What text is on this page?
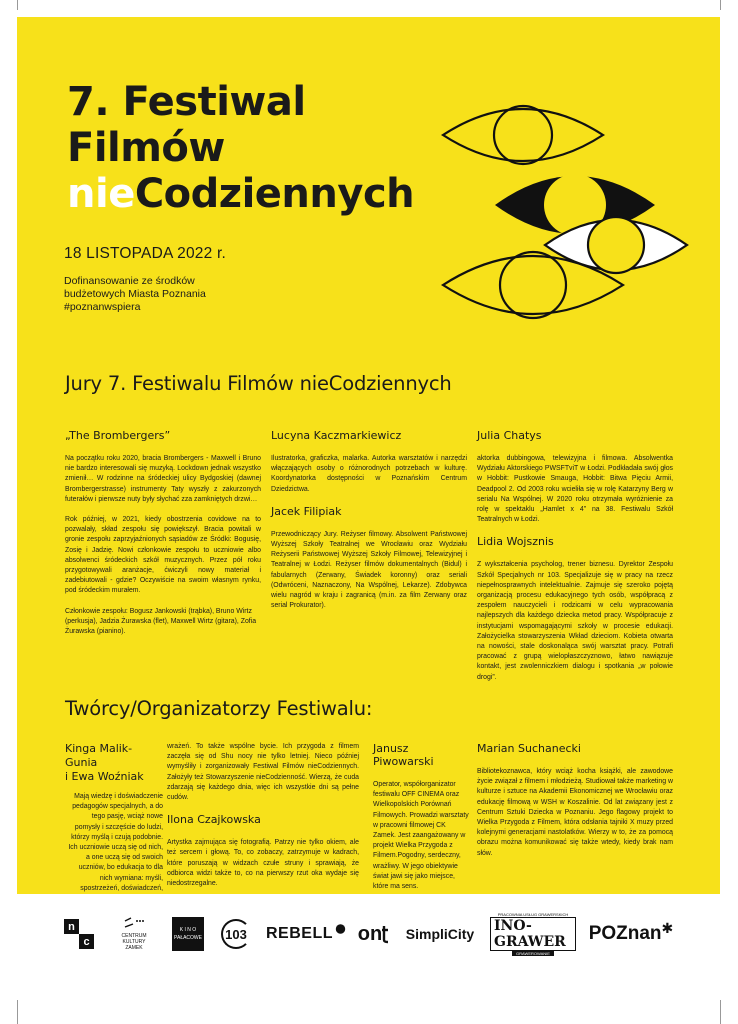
7. Festiwal
Filmów
nieCodziennych
18 LISTOPADA 2022 r.
Dofinansowanie ze środków
budżetowych Miasta Poznania
#poznanwspiera
Jury 7. Festiwalu Filmów nieCodziennych
„The Brombergers”

Na początku roku 2020, bracia Brombergers - Maxwell i Bruno nie bardzo interesowali się muzyką. Lockdown jednak wszystko zmienił… W rodzinne na śródeckiej ulicy Bydgoskiej (dawnej Brombergerstrasse) instrumenty Taty wyszły z zakurzonych futerałów i pierwsze nuty były słychać zza zamkniętych drzwi…

Rok później, w 2021, kiedy obostrzenia covidowe na to pozwalały, skład zespołu się powiększył. Bracia powitali w gronie zespołu zaprzyjaźnionych sąsiadów ze Śródki: Bogusię, Zosię i Jadzię. Nowi członkowie zespołu to uczniowie albo absolwenci śródeckich szkół muzycznych. Przez pół roku przygotowywali aranżacje, ćwiczyli nowy materiał i zadebiutowali - gdzie? Oczywiście na swoim własnym rynku, pod śródeckim murałem.

Członkowie zespołu: Bogusz Jankowski (trąbka), Bruno Wirtz (perkusja), Jadzia Żurawska (flet), Maxwell Wirtz (gitara), Zofia Żurawska (pianino).

Lucyna Kaczmarkiewicz

Ilustratorka, graficzka, malarka. Autorka warsztatów i narzędzi włączających osoby o różnorodnych potrzebach w kulturę. Koordynatorka dostępności w Poznańskim Centrum Dziedzictwa.

Jacek Filipiak

Przewodniczący Jury. Reżyser filmowy. Absolwent Państwowej Wyższej Szkoły Teatralnej we Wrocławiu oraz Wydziału Reżyserii Państwowej Wyższej Szkoły Filmowej, Telewizyjnej i Teatralnej w Łodzi. Reżyser filmów dokumentalnych (Bidul) i fabularnych (Zerwany, Świadek koronny) oraz seriali (Odwróceni, Naznaczony, Na Wspólnej, Lekarze). Zdobywca wielu nagród w kraju i zagranicą (m.in. za film Zerwany oraz serial Prokurator).

Julia Chatys

aktorka dubbingowa, telewizyjna i filmowa. Absolwentka Wydziału Aktorskiego PWSFTviT w Łodzi. Podkładała swój głos w Hobbit: Pustkowie Smauga, Hobbit: Bitwa Pięciu Armii, Deadpool 2. Od 2003 roku wcieliła się w rolę Katarzyny Berg w serialu Na Wspólnej. W 2020 roku otrzymała wyróżnienie za rolę w spektaklu „Hamlet x 4” na 38. Festiwalu Szkół Teatralnych w Łodzi.

Lidia Wojsznis

Z wykształcenia psycholog, trener biznesu. Dyrektor Zespołu Szkół Specjalnych nr 103. Specjalizuje się w pracy na rzecz niepełnosprawnych intelektualnie. Zajmuje się szeroko pojętą organizacją procesu edukacyjnego tych osób, współpracą z zespołem nauczycieli i rodzicami w celu wypracowania najlepszych dla każdego dziecka metod pracy. Współpracuje z instytucjami wspomagającymi szkoły w procesie edukacji. Założycielka stowarzyszenia Wkład dzieciom. Kobieta otwarta na nowości, stale doskonaląca swój warsztat pracy. Potrafi pracować z grupą wielopłaszczyznowo, łatwo nawiązuje kontakt, jest zwolenniczkiem dialogu i spotkania „w połowie drogi”.

Twórcy/Organizatorzy Festiwalu:
Kinga Malik-Gunia
i Ewa Woźniak

Mają wiedzę i doświadczenie pedagogów specjalnych, a do tego pasję, wciąż nowe pomysły i szczęście do ludzi, którzy myślą i czują podobnie. Ich uczniowie uczą się od nich, a one uczą się od swoich uczniów, bo edukacja to dla nich wymiana: myśli, spostrzeżeń, doświadczeń,

wrażeń. To także wspólne bycie. Ich przygoda z filmem zaczęła się od Shu nocy nie tylko letniej. Nieco później wymyśliły i zorganizowały Festiwal Filmów nieCodziennych. Założyły też Stowarzyszenie nieCodzienność. Wierzą, że cuda zdarzają się każdego dnia, więc ich wszystkie dni są pełne cudów.

Ilona Czajkowska

Artystka zajmująca się fotografią. Patrzy nie tylko okiem, ale też sercem i głową. To, co zobaczy, zatrzymuje w kadrach, które poruszają w widzach czułe struny i sprawiają, że odbiorca widzi także to, co na pierwszy rzut oka wydaje się niedostrzegalne.

Janusz Piwowarski

Operator, współorganizator festiwalu OFF CINEMA oraz Wielkopolskich Porównań Filmowych. Prowadzi warsztaty w pracowni filmowej CK Zamek. Jest zaangażowany w projekt Wielka Przygoda z Filmem.Pogodny, serdeczny, wrażliwy. W jego obiektywie świat jawi się jako miejsce, które ma sens.

Marian Suchanecki

Bibliotekoznawca, który wciąż kocha książki, ale zawodowe życie związał z filmem i młodzieżą. Studiował także marketing w kulturze i sztuce na Akademii Ekonomicznej we Wrocławiu oraz edukację filmową w WSH w Koszalinie. Od lat związany jest z Centrum Sztuki Dziecka w Poznaniu. Jego flagowy projekt to Wielka Przygoda z Filmem, która odsłania tajniki X muzy przed kolejnymi generacjami nastolatków. Wierzy w to, że za pomocą obrazu można komunikować się także wtedy, kiedy brak nam słów.

n
c	CENTRUM
KULTURY
ZAMEK
K I N O
PAŁACOWE	103 REBELL on	SimpliCity
PRACOWNIA USŁUG GRAWERSKICH
INO-GRAWER
GRAWEROWANIE
POZnan ✱
